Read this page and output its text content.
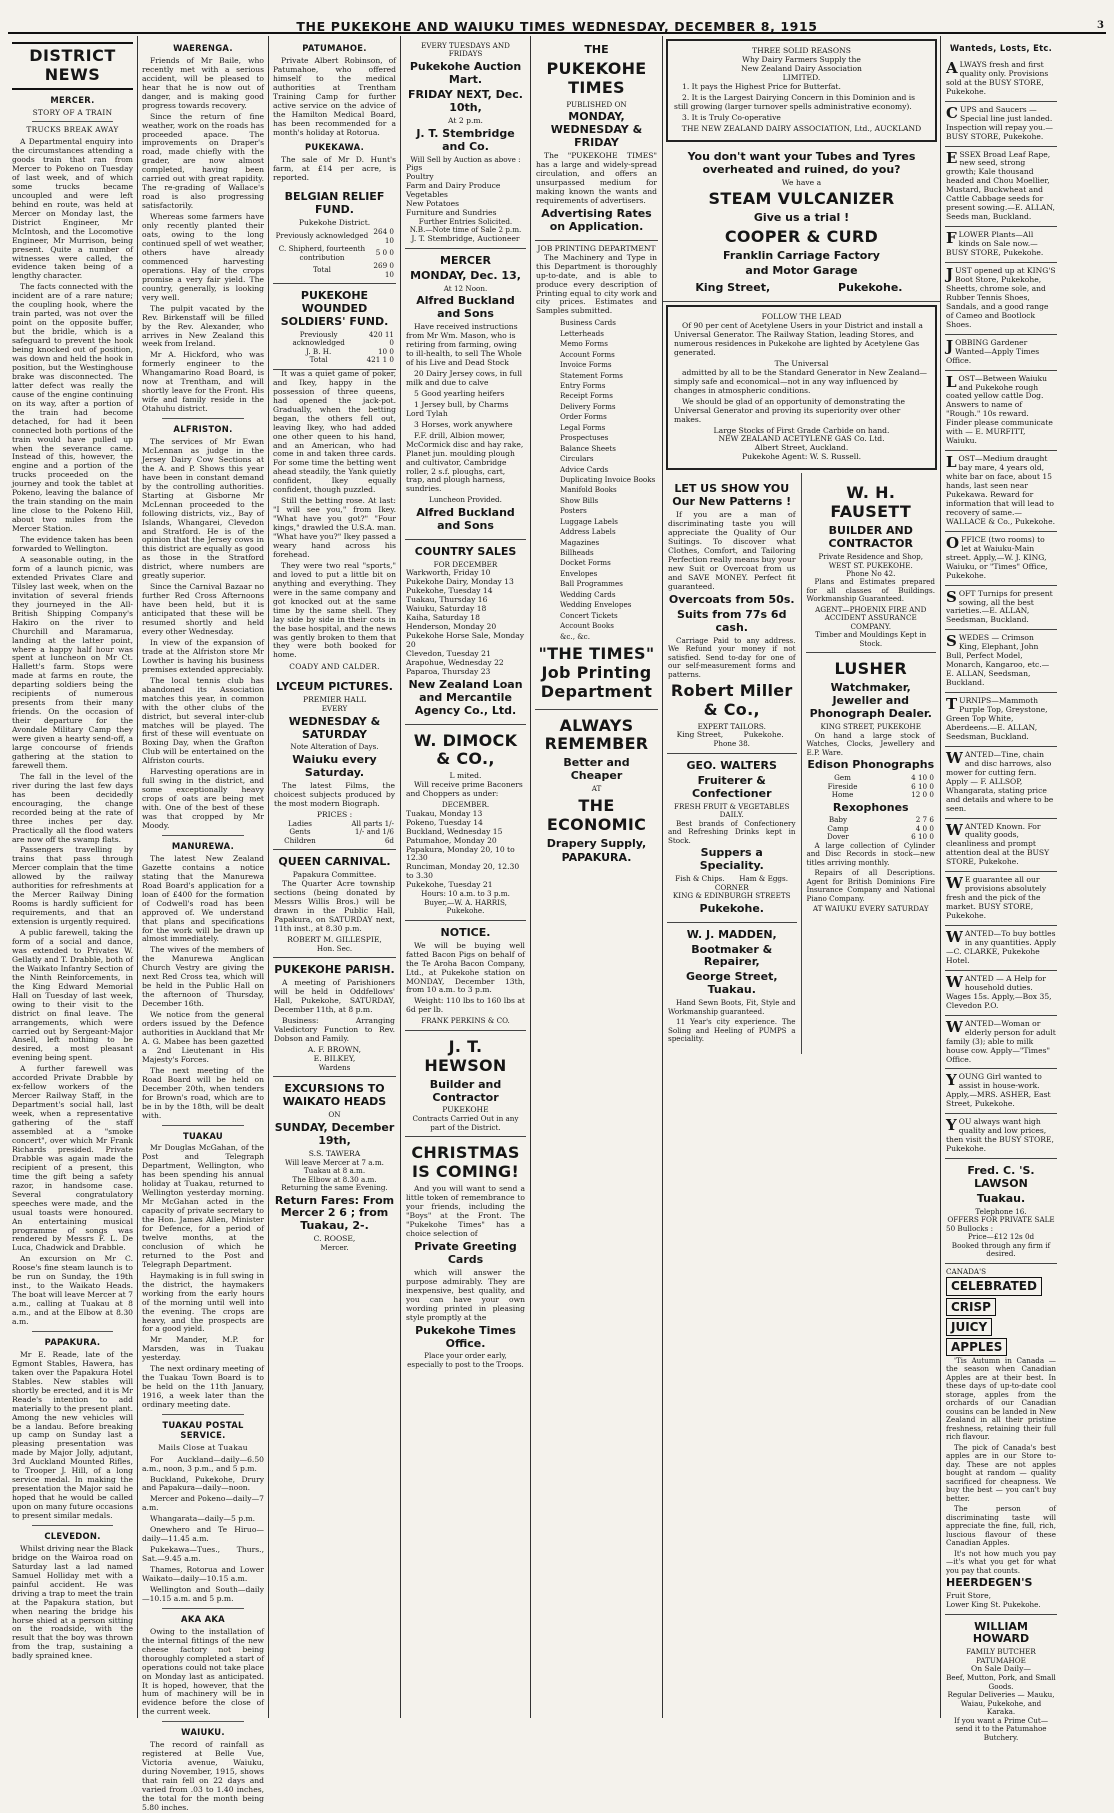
THE PUKEKOHE AND WAIUKU TIMES WEDNESDAY, DECEMBER 8, 1915	3
DISTRICT NEWS
MERCER.
STORY OF A TRAIN
TRUCKS BREAK AWAY

A Departmental enquiry into the circumstances attending a goods train that ran from Mercer to Pokeno on Tuesday of last week, and of which some trucks became uncoupled and were left behind en route, was held at Mercer on Monday last, the District Engineer, Mr McIntosh, and the Locomotive Engineer, Mr Murrison, being present. Quite a number of witnesses were called, the evidence taken being of a lengthy character.

The facts connected with the incident are of a rare nature; the coupling hook, where the train parted, was not over the point on the opposite buffer, but the bridle, which is a safeguard to prevent the hook being knocked out of position, was down and held the hook in position, but the Westinghouse brake was disconnected. The latter defect was really the cause of the engine continuing on its way, after a portion of the train had become detached, for had it been connected both portions of the train would have pulled up when the severance came. Instead of this, however, the engine and a portion of the trucks proceeded on the journey and took the tablet at Pokeno, leaving the balance of the train standing on the main line close to the Pokeno Hill, about two miles from the Mercer Station.

The evidence taken has been forwarded to Wellington.

A seasonable outing, in the form of a launch picnic, was extended Privates Clare and Tilsley last week, when on the invitation of several friends they journeyed in the All-British Shipping Company's Hakiro on the river to Churchill and Maramarua, landing at the latter point, where a happy half hour was spent at luncheon on Mr Ct. Hallett's farm. Stops were made at farms en route, the departing soldiers being the recipients of numerous presents from their many friends. On the occasion of their departure for the Avondale Military Camp they were given a hearty send-off, a large concourse of friends gathering at the station to farewell them.

The fall in the level of the river during the last few days has been decidedly encouraging, the change recorded being at the rate of three inches per day. Practically all the flood waters are now off the swamp flats.

Passengers travelling by trains that pass through Mercer complain that the time allowed by the railway authorities for refreshments at the Mercer Railway Dining Rooms is hardly sufficient for requirements, and that an extension is urgently required.

A public farewell, taking the form of a social and dance, was extended to Privates W. Gellatly and T. Drabble, both of the Waikato Infantry Section of the Ninth Reinforcements, in the King Edward Memorial Hall on Tuesday of last week, owing to their visit to the district on final leave. The arrangements, which were carried out by Sergeant-Major Ansell, left nothing to be desired, a most pleasant evening being spent.

A further farewell was accorded Private Drabble by ex-fellow workers of the Mercer Railway Staff, in the Department's social hall, last week, when a representative gathering of the staff assembled at a "smoke concert", over which Mr Frank Richards presided. Private Drabble was again made the recipient of a present, this time the gift being a safety razor, in handsome case. Several congratulatory speeches were made, and the usual toasts were honoured. An entertaining musical programme of songs was rendered by Messrs F. L. De Luca, Chadwick and Drabble.

An excursion on Mr C. Roose's fine steam launch is to be run on Sunday, the 19th inst., to the Waikato Heads. The boat will leave Mercer at 7 a.m., calling at Tuakau at 8 a.m., and at the Elbow at 8.30 a.m.

PAPAKURA.

Mr E. Reade, late of the Egmont Stables, Hawera, has taken over the Papakura Hotel Stables. New stables will shortly be erected, and it is Mr Reade's intention to add materially to the present plant. Among the new vehicles will be a landau. Before breaking up camp on Sunday last a pleasing presentation was made by Major Jolly, adjutant, 3rd Auckland Mounted Rifles, to Trooper J. Hill, of a long service medal. In making the presentation the Major said he hoped that he would be called upon on many future occasions to present similar medals.

CLEVEDON.

Whilst driving near the Black bridge on the Wairoa road on Saturday last a lad named Samuel Holliday met with a painful accident. He was driving a trap to meet the train at the Papakura station, but when nearing the bridge his horse shied at a person sitting on the roadside, with the result that the boy was thrown from the trap, sustaining a badly sprained knee.

WAERENGA.

Friends of Mr Baile, who recently met with a serious accident, will be pleased to hear that he is now out of danger, and is making good progress towards recovery.

Since the return of fine weather, work on the roads has proceeded apace. The improvements on Draper's road, made chiefly with the grader, are now almost completed, having been carried out with great rapidity. The re-grading of Wallace's road is also progressing satisfactorily.

Whereas some farmers have only recently planted their oats, owing to the long continued spell of wet weather, others have already commenced harvesting operations. Hay of the crops promise a very fair yield. The country, generally, is looking very well.

The pulpit vacated by the Rev. Birkenstaff will be filled by the Rev. Alexander, who arrives in New Zealand this week from Ireland.

Mr A. Hickford, who was formerly engineer to the Whangamarino Road Board, is now at Trentham, and will shortly leave for the Front. His wife and family reside in the Otahuhu district.

ALFRISTON.

The services of Mr Ewan McLennan as judge in the Jersey Dairy Cow Sections at the A. and P. Shows this year have been in constant demand by the controlling authorities. Starting at Gisborne Mr McLennan proceeded to the following districts, viz., Bay of Islands, Whangarei, Clevedon and Stratford. He is of the opinion that the Jersey cows in this district are equally as good as those in the Stratford district, where numbers are greatly superior.

Since the Carnival Bazaar no further Red Cross Afternoons have been held, but it is anticipated that these will be resumed shortly and held every other Wednesday.

In view of the expansion of trade at the Alfriston store Mr Lowther is having his business premises extended appreciably.

The local tennis club has abandoned its Association matches this year, in common with the other clubs of the district, but several inter-club matches will be played. The first of these will eventuate on Boxing Day, when the Grafton Club will be entertained on the Alfriston courts.

Harvesting operations are in full swing in the district, and some exceptionally heavy crops of oats are being met with. One of the best of these was that cropped by Mr Moody.

MANUREWA.

The latest New Zealand Gazette contains a notice stating that the Manurewa Road Board's application for a loan of £400 for the formation of Codwell's road has been approved of. We understand that plans and specifications for the work will be drawn up almost immediately.

The wives of the members of the Manurewa Anglican Church Vestry are giving the next Red Cross tea, which will be held in the Public Hall on the afternoon of Thursday, December 16th.

We notice from the general orders issued by the Defence authorities in Auckland that Mr A. G. Mabee has been gazetted a 2nd Lieutenant in His Majesty's Forces.

The next meeting of the Road Board will be held on December 20th, when tenders for Brown's road, which are to be in by the 18th, will be dealt with.

TUAKAU

Mr Douglas McGahan, of the Post and Telegraph Department, Wellington, who has been spending his annual holiday at Tuakau, returned to Wellington yesterday morning. Mr McGahan acted in the capacity of private secretary to the Hon. James Allen, Minister for Defence, for a period of twelve months, at the conclusion of which he returned to the Post and Telegraph Department.

Haymaking is in full swing in the district, the haymakers working from the early hours of the morning until well into the evening. The crops are heavy, and the prospects are for a good yield.

Mr Mander, M.P. for Marsden, was in Tuakau yesterday.

The next ordinary meeting of the Tuakau Town Board is to be held on the 11th January, 1916, a week later than the ordinary meeting date.

TUAKAU POSTAL SERVICE.
Mails Close at Tuakau

For Auckland—daily—6.50 a.m., noon, 3 p.m., and 5 p.m.

Buckland, Pukekohe, Drury and Papakura—daily—noon.

Mercer and Pokeno—daily—7 a.m.

Whangarata—daily—5 p.m.

Onewhero and Te Hiruo—daily—11.45 a.m.

Pukekawa—Tues., Thurs., Sat.—9.45 a.m.

Thames, Rotorua and Lower Waikato—daily—10.15 a.m.

Wellington and South—daily—10.15 a.m. and 5 p.m.

AKA AKA

Owing to the installation of the internal fittings of the new cheese factory not being thoroughly completed a start of operations could not take place on Monday last as anticipated. It is hoped, however, that the hum of machinery will be in evidence before the close of the current week.

WAIUKU.

The record of rainfall as registered at Belle Vue, Victoria avenue, Waiuku, during November, 1915, shows that rain fell on 22 days and varied from .03 to 1.40 inches, the total for the month being 5.80 inches.

PATUMAHOE.

Private Albert Robinson, of Patumahoe, who offered himself to the medical authorities at Trentham Training Camp for further active service on the advice of the Hamilton Medical Board, has been recommended for a month's holiday at Rotorua.

PUKEKAWA.

The sale of Mr D. Hunt's farm, at £14 per acre, is reported.

BELGIAN RELIEF FUND.
Pukekohe District.
Previously acknowledged	264 0 10
C. Shipherd, fourteenth contribution	5 0 0
Total	269 0 10
PUKEKOHE WOUNDED SOLDIERS' FUND.
Previously acknowledged	420 11 0
J. B. H.	10 0
Total	421 1 0

It was a quiet game of poker, and Ikey, happy in the possession of three queens, had opened the jack-pot. Gradually, when the betting began, the others fell out, leaving Ikey, who had added one other queen to his hand, and an American, who had come in and taken three cards. For some time the betting went ahead steadily, the Yank quietly confident, Ikey equally confident, though puzzled.

Still the betting rose. At last: "I will see you," from Ikey. "What have you got?" "Four kings," drawled the U.S.A. man. "What have you?" Ikey passed a weary hand across his forehead.

They were two real "sports," and loved to put a little bit on anything and everything. They were in the same company and got knocked out at the same time by the same shell. They lay side by side in their cots in the base hospital, and the news was gently broken to them that they were both booked for home.

COADY AND CALDER.
LYCEUM PICTURES.
PREMIER HALL
EVERY
WEDNESDAY & SATURDAY
Note Alteration of Days.
Waiuku every Saturday.

The latest Films, the choicest subjects produced by the most modern Biograph.

PRICES :
Ladies	All parts 1/-
Gents	1/- and 1/6
Children	6d
QUEEN CARNIVAL.
Papakura Committee.

The Quarter Acre township sections (being donated by Messrs Willis Bros.) will be drawn in the Public Hall, Papakura, on SATURDAY next, 11th inst., at 8.30 p.m.

ROBERT M. GILLESPIE,
Hon. Sec.
PUKEKOHE PARISH.

A meeting of Parishioners will be held in Oddfellows' Hall, Pukekohe, SATURDAY, December 11th, at 8 p.m.

Business: Arranging Valedictory Function to Rev. Dobson and Family.

A. F. BROWN,
E. BILKEY,
Wardens
EXCURSIONS TO WAIKATO HEADS
ON
SUNDAY, December 19th,
S.S. TAWERA
Will leave Mercer at 7 a.m.
Tuakau at 8 a.m.
The Elbow at 8.30 a.m.
Returning the same Evening.
Return Fares: From Mercer 2 6 ; from Tuakau, 2-.
C. ROOSE,
Mercer.
EVERY TUESDAYS AND FRIDAYS
Pukekohe Auction Mart.
FRIDAY NEXT, Dec. 10th,
At 2 p.m.
J. T. Stembridge and Co.
Will Sell by Auction as above :
Pigs
Poultry
Farm and Dairy Produce
Vegetables
New Potatoes
Furniture and Sundries
Further Entries Solicited.
N.B.—Note time of Sale 2 p.m.
J. T. Stembridge, Auctioneer
MERCER
MONDAY, Dec. 13,
At 12 Noon.
Alfred Buckland and Sons

Have received instructions from Mr Wm. Mason, who is retiring from farming, owing to ill-health, to sell The Whole of his Live and Dead Stock

20 Dairy Jersey cows, in full milk and due to calve

5 Good yearling heifers

1 Jersey bull, by Charms Lord Tylah

3 Horses, work anywhere

F.F. drill, Albion mower, McCormick disc and hay rake, Planet jun. moulding plough and cultivator, Cambridge roller, 2 s.f. ploughs, cart, trap, and plough harness, sundries.

Luncheon Provided.
Alfred Buckland and Sons
COUNTRY SALES
FOR DECEMBER
Warkworth, Friday 10
Pukekohe Dairy, Monday 13
Pukekohe, Tuesday 14
Tuakau, Thursday 16
Waiuku, Saturday 18
Kaiha, Saturday 18
Henderson, Monday 20
Pukekohe Horse Sale, Monday 20
Clevedon, Tuesday 21
Arapohue, Wednesday 22
Paparoa, Thursday 23
New Zealand Loan and Mercantile Agency Co., Ltd.
W. DIMOCK & CO.,
L mited.

Will receive prime Baconers and Choppers as under:

DECEMBER.
Tuakau, Monday 13
Pokeno, Tuesday 14
Buckland, Wednesday 15
Patumahoe, Monday 20
Papakura, Monday 20, 10 to 12.30
Runciman, Monday 20, 12.30 to 3.30
Pukekohe, Tuesday 21
Hours: 10 a.m. to 3 p.m.
Buyer,—W. A. HARRIS, Pukekohe.
NOTICE.

We will be buying well fatted Bacon Pigs on behalf of the Te Aroha Bacon Company, Ltd., at Pukekohe station on MONDAY, December 13th, from 10 a.m. to 3 p.m.

Weight: 110 lbs to 160 lbs at 6d per lb.

FRANK PERKINS & CO.
J. T. HEWSON
Builder and Contractor
PUKEKOHE
Contracts Carried Out in any part of the District.
CHRISTMAS IS COMING!

And you will want to send a little token of remembrance to your friends, including the "Boys" at the Front. The "Pukekohe Times" has a choice selection of

Private Greeting Cards

which will answer the purpose admirably. They are inexpensive, best quality, and you can have your own wording printed in pleasing style promptly at the

Pukekohe Times Office.
Place your order early, especially to post to the Troops.
THE
PUKEKOHE TIMES
PUBLISHED ON
MONDAY, WEDNESDAY & FRIDAY

The "PUKEKOHE TIMES" has a large and widely-spread circulation, and offers an unsurpassed medium for making known the wants and requirements of advertisers.

Advertising Rates on Application.
JOB PRINTING DEPARTMENT

The Machinery and Type in this Department is thoroughly up-to-date, and is able to produce every description of Printing equal to city work and city prices. Estimates and Samples submitted.

Business Cards
Letterheads
Memo Forms
Account Forms
Invoice Forms
Statement Forms
Entry Forms
Receipt Forms
Delivery Forms
Order Forms
Legal Forms
Prospectuses
Balance Sheets
Circulars
Advice Cards
Duplicating Invoice Books
Manifold Books
Show Bills
Posters
Luggage Labels
Address Labels
Magazines
Billheads
Docket Forms
Envelopes
Ball Programmes
Wedding Cards
Wedding Envelopes
Concert Tickets
Account Books
&c., &c.
"THE TIMES" Job Printing Department
ALWAYS REMEMBER
Better and Cheaper
AT
THE ECONOMIC
Drapery Supply,
PAPAKURA.
THREE SOLID REASONS
Why Dairy Farmers Supply the
New Zealand Dairy Association
LIMITED.

1. It pays the Highest Price for Butterfat.

2. It is the Largest Dairying Concern in this Dominion and is still growing (larger turnover spells administrative economy).

3. It is Truly Co-operative

THE NEW ZEALAND DAIRY ASSOCIATION, Ltd., AUCKLAND
You don't want your Tubes and Tyres overheated and ruined, do you?
We have a
STEAM VULCANIZER
Give us a trial !
COOPER & CURD
Franklin Carriage Factory
and Motor Garage
King Street,	Pukekohe.
FOLLOW THE LEAD

Of 90 per cent of Acetylene Users in your District and install a Universal Generator. The Railway Station, leading Stores, and numerous residences in Pukekohe are lighted by Acetylene Gas generated.

The Universal

admitted by all to be the Standard Generator in New Zealand—simply safe and economical—not in any way influenced by changes in atmospheric conditions.

We should be glad of an opportunity of demonstrating the Universal Generator and proving its superiority over other makes.

Large Stocks of First Grade Carbide on hand.
NEW ZEALAND ACETYLENE GAS Co. Ltd.
Albert Street, Auckland.
Pukekohe Agent: W. S. Russell.
LET US SHOW YOU Our New Patterns !

If you are a man of discriminating taste you will appreciate the Quality of Our Suitings. To discover what Clothes, Comfort, and Tailoring Perfection really means buy your new Suit or Overcoat from us and SAVE MONEY. Perfect fit guaranteed.

Overcoats from 50s.
Suits from 77s 6d cash.

Carriage Paid to any address. We Refund your money if not satisfied. Send to-day for one of our self-measurement forms and patterns.

Robert Miller & Co.,
EXPERT TAILORS.
King Street,	Pukekohe.
Phone 38.
GEO. WALTERS
Fruiterer & Confectioner
FRESH FRUIT & VEGETABLES DAILY.

Best brands of Confectionery and Refreshing Drinks kept in Stock.

Suppers a Speciality.
Fish & Chips.	Ham & Eggs.
CORNER
KING & EDINBURGH STREETS
Pukekohe.
W. J. MADDEN,
Bootmaker & Repairer,
George Street, Tuakau.

Hand Sewn Boots, Fit, Style and Workmanship guaranteed.

11 Year's city experience. The Soling and Heeling of PUMPS a speciality.

W. H. FAUSETT
BUILDER AND CONTRACTOR
Private Residence and Shop, WEST ST. PUKEKOHE.
Phone No 42.

Plans and Estimates prepared for all classes of Buildings. Workmanship Guaranteed.

AGENT—PHOENIX FIRE AND ACCIDENT ASSURANCE COMPANY.
Timber and Mouldings Kept in Stock.
LUSHER
Watchmaker, Jeweller and Phonograph Dealer.
KING STREET, PUKEKOHE

On hand a large stock of Watches, Clocks, Jewellery and E.P. Ware.

Edison Phonographs
Gem	4 10 0
Fireside	6 10 0
Home	12 0 0
Rexophones
Baby	2 7 6
Camp	4 0 0
Dover	6 10 0

A large collection of Cylinder and Disc Records in stock—new titles arriving monthly.

Repairs of all Descriptions. Agent for British Dominions Fire Insurance Company and National Piano Company.

AT WAIUKU EVERY SATURDAY
Wanteds, Losts, Etc.
ALWAYS fresh and first quality only. Provisions sold at the BUSY STORE, Pukekohe.
CUPS and Saucers — Special line just landed. Inspection will repay you.—BUSY STORE, Pukekohe.
ESSEX Broad Leaf Rape, new seed, strong growth; Kale thousand headed and Chou Moellier, Mustard, Buckwheat and Cattle Cabbage seeds for present sowing.—E. ALLAN, Seeds man, Buckland.
FLOWER Plants—All kinds on Sale now.—BUSY STORE, Pukekohe.
JUST opened up at KING'S Boot Store, Pukekohe, Sheetts, chrome sole, and Rubber Tennis Shoes, Sandals, and a good range of Cameo and Bootlock Shoes.
JOBBING Gardener Wanted—Apply Times Office.
LOST—Between Waiuku and Pukekohe rough coated yellow cattle Dog. Answers to name of "Rough." 10s reward. Finder please communicate with — E. MURFITT, Waiuku.
LOST—Medium draught bay mare, 4 years old, white bar on face, about 15 hands, last seen near Pukekawa. Reward for information that will lead to recovery of same.—WALLACE & Co., Pukekohe.
OFFICE (two rooms) to let at Waiuku-Main street. Apply,—W. J. KING, Waiuku, or "Times" Office, Pukekohe.
SOFT Turnips for present sowing, all the best varieties.—E. ALLAN, Seedsman, Buckland.
SWEDES — Crimson King, Elephant, John Bull, Perfect Model, Monarch, Kangaroo, etc.—E. ALLAN, Seedsman, Buckland.
TURNIPS—Mammoth Purple Top, Greystone, Green Top White, Aberdeens.—E. ALLAN, Seedsman, Buckland.
WANTED—Tine, chain and disc harrows, also mower for cutting fern. Apply — F. ALLSOP, Whangarata, stating price and details and where to be seen.
WANTED Known. For quality goods, cleanliness and prompt attention deal at the BUSY STORE, Pukekohe.
W E guarantee all our provisions absolutely fresh and the pick of the market. BUSY STORE, Pukekohe.
WANTED—To buy bottles in any quantities. Apply—C. CLARKE, Pukekohe Hotel.
WANTED — A Help for household duties. Wages 15s. Apply,—Box 35, Clevedon P.O.
WANTED—Woman or elderly person for adult family (3); able to milk house cow. Apply—"Times" Office.
YOUNG Girl wanted to assist in house-work. Apply,—MRS. ASHER, East Street, Pukekohe.
YOU always want high quality and low prices, then visit the BUSY STORE, Pukekohe.
Fred. C. 'S. LAWSON
Tuakau.
Telephone 16.
OFFERS FOR PRIVATE SALE
50 Bullocks :
Price—£12 12s 0d
Booked through any firm if desired.
CANADA'S
CELEBRATED
CRISP
JUICY
APPLES

'Tis Autumn in Canada — the season when Canadian Apples are at their best. In these days of up-to-date cool storage, apples from the orchards of our Canadian cousins can be landed in New Zealand in all their pristine freshness, retaining their full rich flavour.

The pick of Canada's best apples are in our Store to-day. These are not apples bought at random — quality sacrificed for cheapness. We buy the best — you can't buy better.

The person of discriminating taste will appreciate the fine, full, rich, luscious flavour of these Canadian Apples.

It's not how much you pay—it's what you get for what you pay that counts.

HEERDEGEN'S
Fruit Store,
Lower King St. Pukekohe.
WILLIAM HOWARD
FAMILY BUTCHER
PATUMAHOE
On Sale Daily—
Beef, Mutton, Pork, and Small Goods.
Regular Deliveries — Mauku, Waiau, Pukekohe, and Karaka.
If you want a Prime Cut—send it to the Patumahoe Butchery.
